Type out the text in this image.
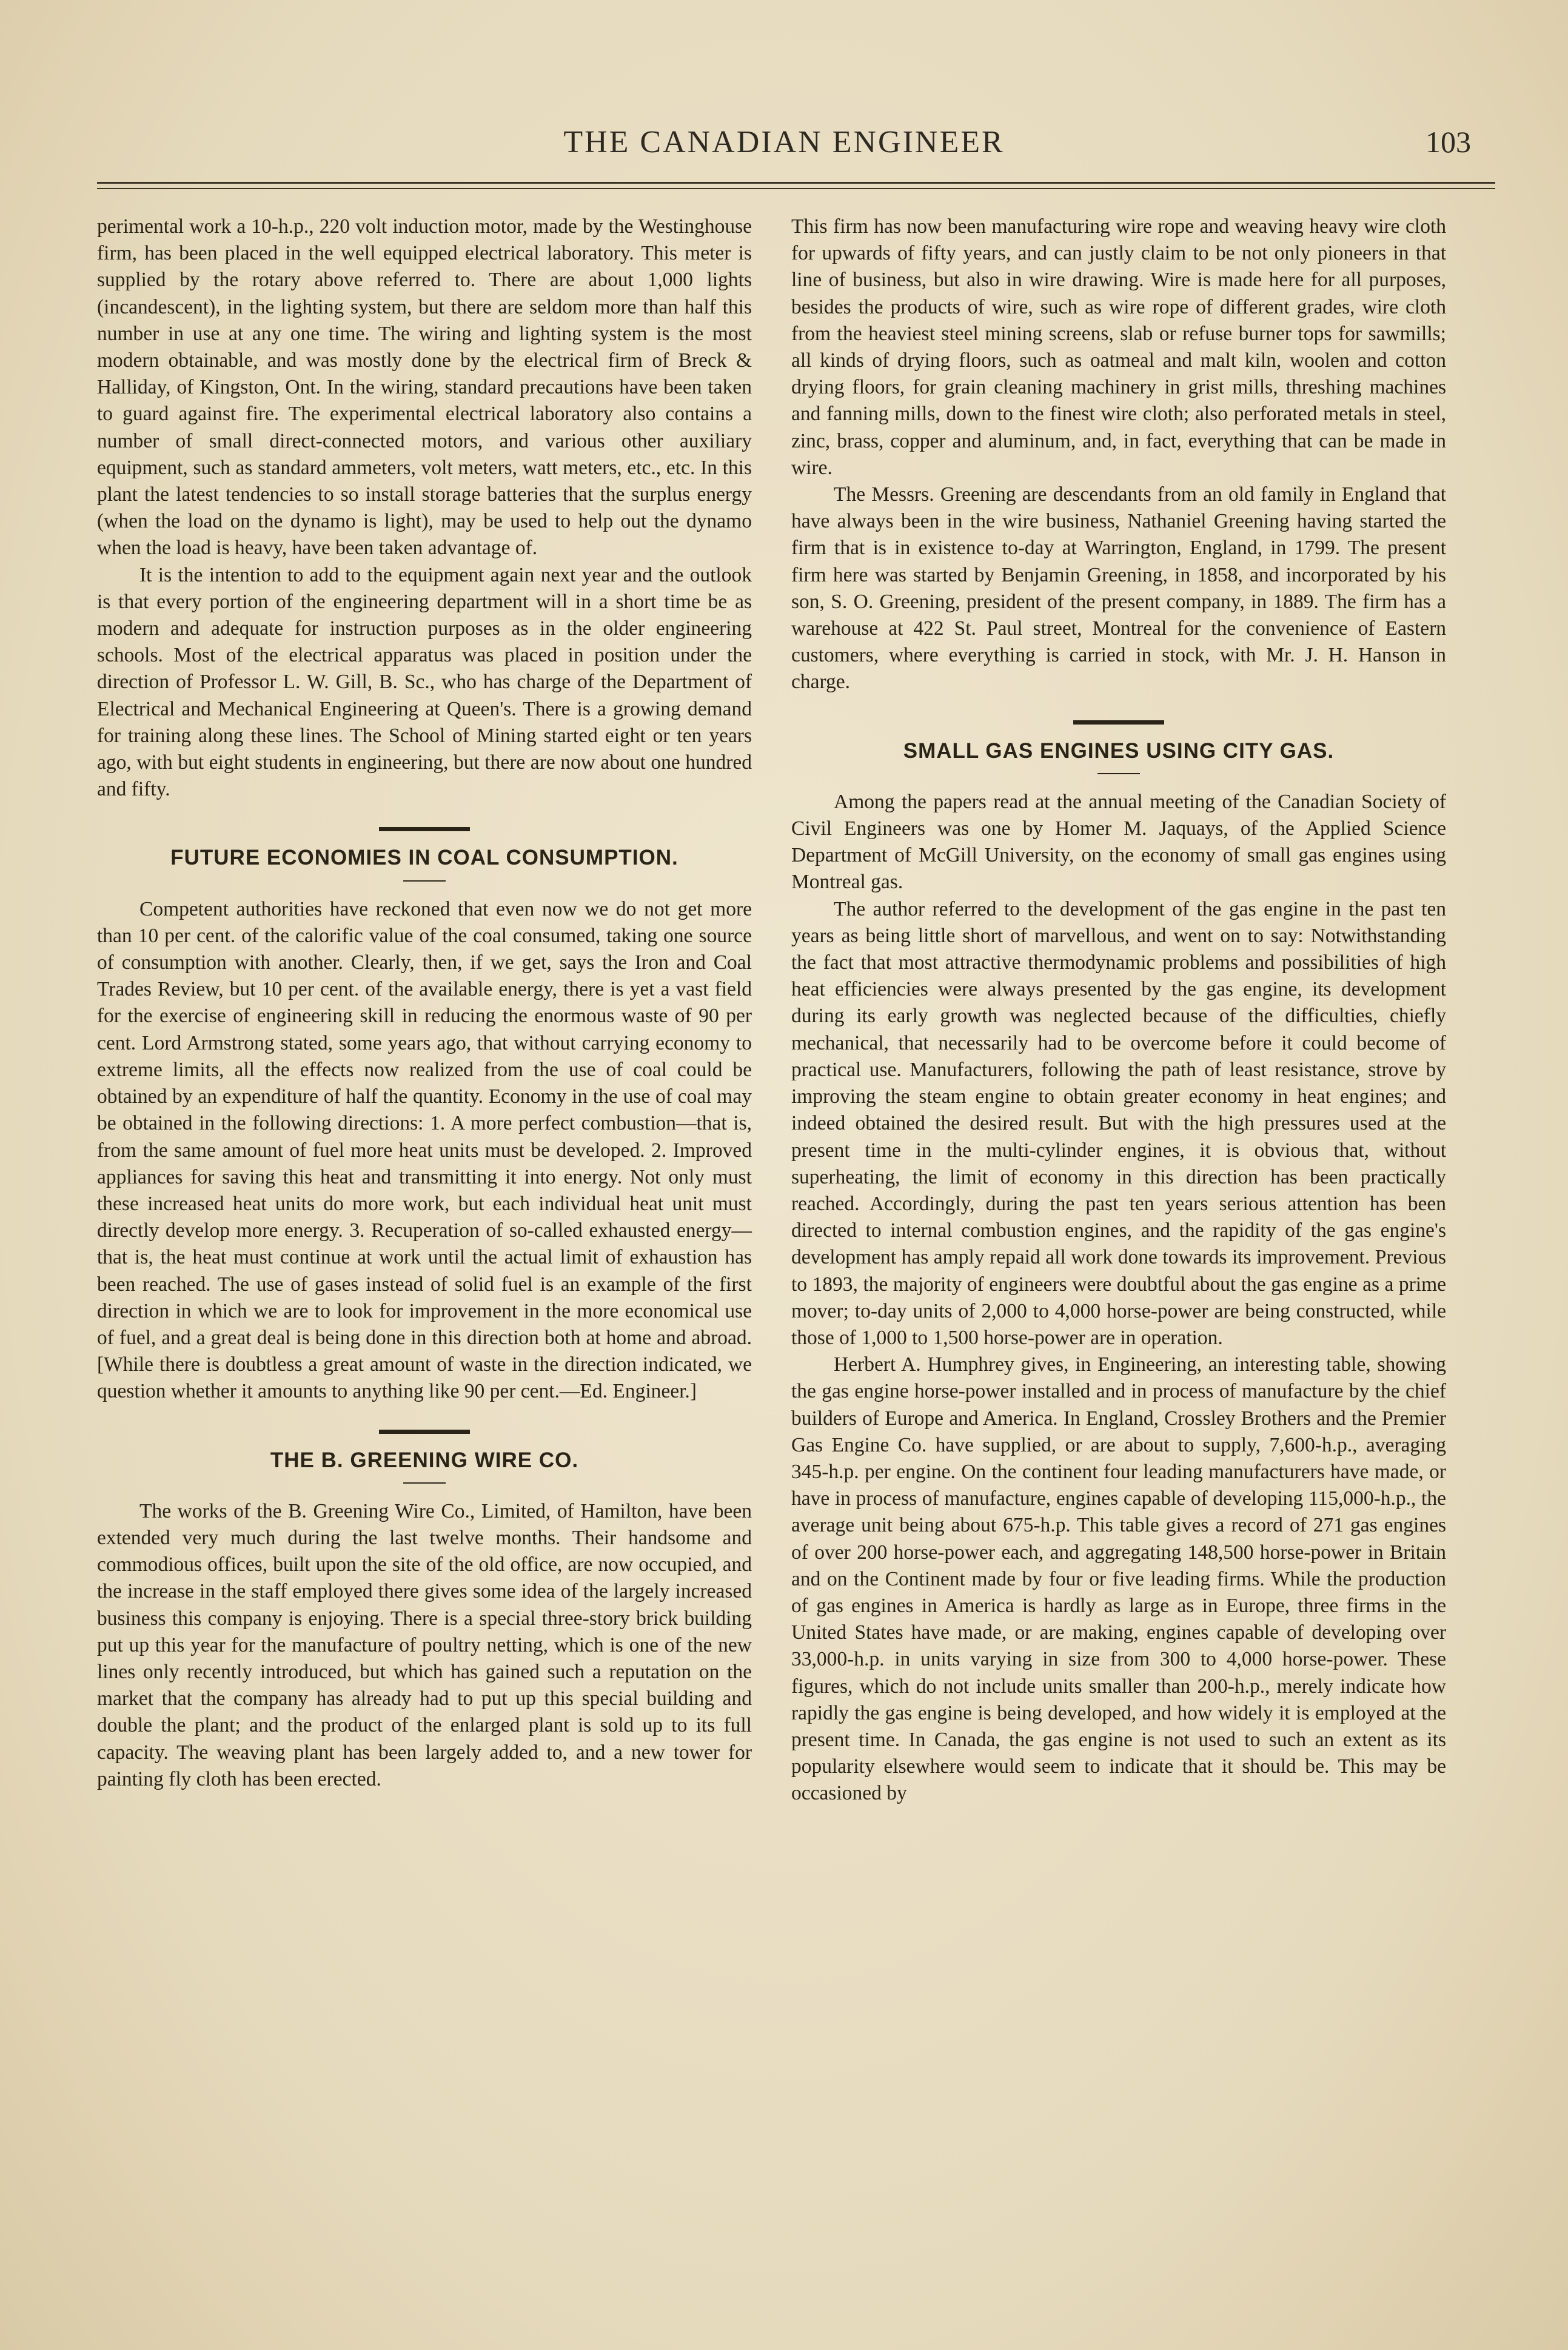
THE CANADIAN ENGINEER	103

perimental work a 10-h.p., 220 volt induction motor, made by the Westinghouse firm, has been placed in the well equipped electrical laboratory. This meter is supplied by the rotary above referred to. There are about 1,000 lights (incandescent), in the lighting system, but there are seldom more than half this number in use at any one time. The wiring and lighting system is the most modern obtainable, and was mostly done by the electrical firm of Breck & Halliday, of Kingston, Ont. In the wiring, standard precautions have been taken to guard against fire. The experimental electrical laboratory also contains a number of small direct-connected motors, and various other auxiliary equipment, such as standard ammeters, volt meters, watt meters, etc., etc. In this plant the latest tendencies to so install storage batteries that the surplus energy (when the load on the dynamo is light), may be used to help out the dynamo when the load is heavy, have been taken advantage of.

It is the intention to add to the equipment again next year and the outlook is that every portion of the engineering department will in a short time be as modern and adequate for instruction purposes as in the older engineering schools. Most of the electrical apparatus was placed in position under the direction of Professor L. W. Gill, B. Sc., who has charge of the Department of Electrical and Mechanical Engineering at Queen's. There is a growing demand for training along these lines. The School of Mining started eight or ten years ago, with but eight students in engineering, but there are now about one hundred and fifty.

FUTURE ECONOMIES IN COAL CONSUMPTION.

Competent authorities have reckoned that even now we do not get more than 10 per cent. of the calorific value of the coal consumed, taking one source of consumption with another. Clearly, then, if we get, says the Iron and Coal Trades Review, but 10 per cent. of the available energy, there is yet a vast field for the exercise of engineering skill in reducing the enormous waste of 90 per cent. Lord Armstrong stated, some years ago, that without carrying economy to extreme limits, all the effects now realized from the use of coal could be obtained by an expenditure of half the quantity. Economy in the use of coal may be obtained in the following directions: 1. A more perfect combustion—that is, from the same amount of fuel more heat units must be developed. 2. Improved appliances for saving this heat and transmitting it into energy. Not only must these increased heat units do more work, but each individual heat unit must directly develop more energy. 3. Recuperation of so-called exhausted energy—that is, the heat must continue at work until the actual limit of exhaustion has been reached. The use of gases instead of solid fuel is an example of the first direction in which we are to look for improvement in the more economical use of fuel, and a great deal is being done in this direction both at home and abroad. [While there is doubtless a great amount of waste in the direction indicated, we question whether it amounts to anything like 90 per cent.—Ed. Engineer.]

THE B. GREENING WIRE CO.

The works of the B. Greening Wire Co., Limited, of Hamilton, have been extended very much during the last twelve months. Their handsome and commodious offices, built upon the site of the old office, are now occupied, and the increase in the staff employed there gives some idea of the largely increased business this company is enjoying. There is a special three-story brick building put up this year for the manufacture of poultry netting, which is one of the new lines only recently introduced, but which has gained such a reputation on the market that the company has already had to put up this special building and double the plant; and the product of the enlarged plant is sold up to its full capacity. The weaving plant has been largely added to, and a new tower for painting fly cloth has been erected.

This firm has now been manufacturing wire rope and weaving heavy wire cloth for upwards of fifty years, and can justly claim to be not only pioneers in that line of business, but also in wire drawing. Wire is made here for all purposes, besides the products of wire, such as wire rope of different grades, wire cloth from the heaviest steel mining screens, slab or refuse burner tops for sawmills; all kinds of drying floors, such as oatmeal and malt kiln, woolen and cotton drying floors, for grain cleaning machinery in grist mills, threshing machines and fanning mills, down to the finest wire cloth; also perforated metals in steel, zinc, brass, copper and aluminum, and, in fact, everything that can be made in wire.

The Messrs. Greening are descendants from an old family in England that have always been in the wire business, Nathaniel Greening having started the firm that is in existence to-day at Warrington, England, in 1799. The present firm here was started by Benjamin Greening, in 1858, and incorporated by his son, S. O. Greening, president of the present company, in 1889. The firm has a warehouse at 422 St. Paul street, Montreal for the convenience of Eastern customers, where everything is carried in stock, with Mr. J. H. Hanson in charge.

SMALL GAS ENGINES USING CITY GAS.

Among the papers read at the annual meeting of the Canadian Society of Civil Engineers was one by Homer M. Jaquays, of the Applied Science Department of McGill University, on the economy of small gas engines using Montreal gas.

The author referred to the development of the gas engine in the past ten years as being little short of marvellous, and went on to say: Notwithstanding the fact that most attractive thermodynamic problems and possibilities of high heat efficiencies were always presented by the gas engine, its development during its early growth was neglected because of the difficulties, chiefly mechanical, that necessarily had to be overcome before it could become of practical use. Manufacturers, following the path of least resistance, strove by improving the steam engine to obtain greater economy in heat engines; and indeed obtained the desired result. But with the high pressures used at the present time in the multi-cylinder engines, it is obvious that, without superheating, the limit of economy in this direction has been practically reached. Accordingly, during the past ten years serious attention has been directed to internal combustion engines, and the rapidity of the gas engine's development has amply repaid all work done towards its improvement. Previous to 1893, the majority of engineers were doubtful about the gas engine as a prime mover; to-day units of 2,000 to 4,000 horse-power are being constructed, while those of 1,000 to 1,500 horse-power are in operation.

Herbert A. Humphrey gives, in Engineering, an interesting table, showing the gas engine horse-power installed and in process of manufacture by the chief builders of Europe and America. In England, Crossley Brothers and the Premier Gas Engine Co. have supplied, or are about to supply, 7,600-h.p., averaging 345-h.p. per engine. On the continent four leading manufacturers have made, or have in process of manufacture, engines capable of developing 115,000-h.p., the average unit being about 675-h.p. This table gives a record of 271 gas engines of over 200 horse-power each, and aggregating 148,500 horse-power in Britain and on the Continent made by four or five leading firms. While the production of gas engines in America is hardly as large as in Europe, three firms in the United States have made, or are making, engines capable of developing over 33,000-h.p. in units varying in size from 300 to 4,000 horse-power. These figures, which do not include units smaller than 200-h.p., merely indicate how rapidly the gas engine is being developed, and how widely it is employed at the present time. In Canada, the gas engine is not used to such an extent as its popularity elsewhere would seem to indicate that it should be. This may be occasioned by
